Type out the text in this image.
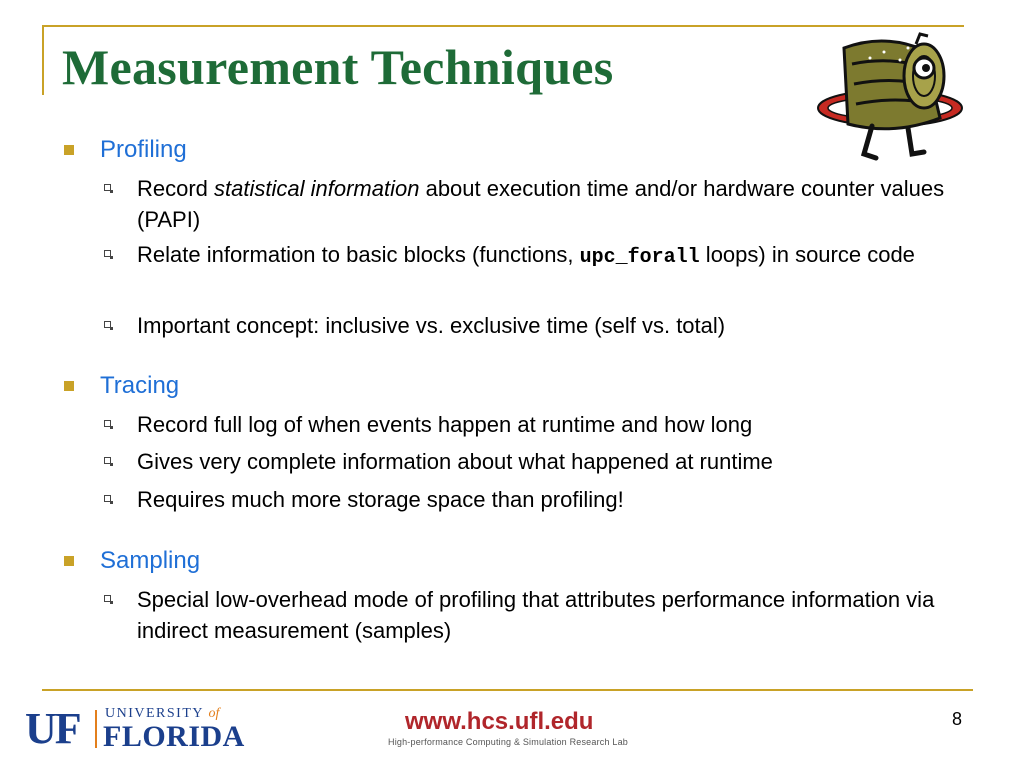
Measurement Techniques
Profiling
Record statistical information about execution time and/or hardware counter values (PAPI)
Relate information to basic blocks (functions, upc_forall loops) in source code
Important concept: inclusive vs. exclusive time (self vs. total)
Tracing
Record full log of when events happen at runtime and how long
Gives very complete information about what happened at runtime
Requires much more storage space than profiling!
Sampling
Special low-overhead mode of profiling that attributes performance information via indirect measurement (samples)
UF UNIVERSITY of
FLORIDA	www.hcs.ufl.edu
High-performance Computing & Simulation Research Lab
8
